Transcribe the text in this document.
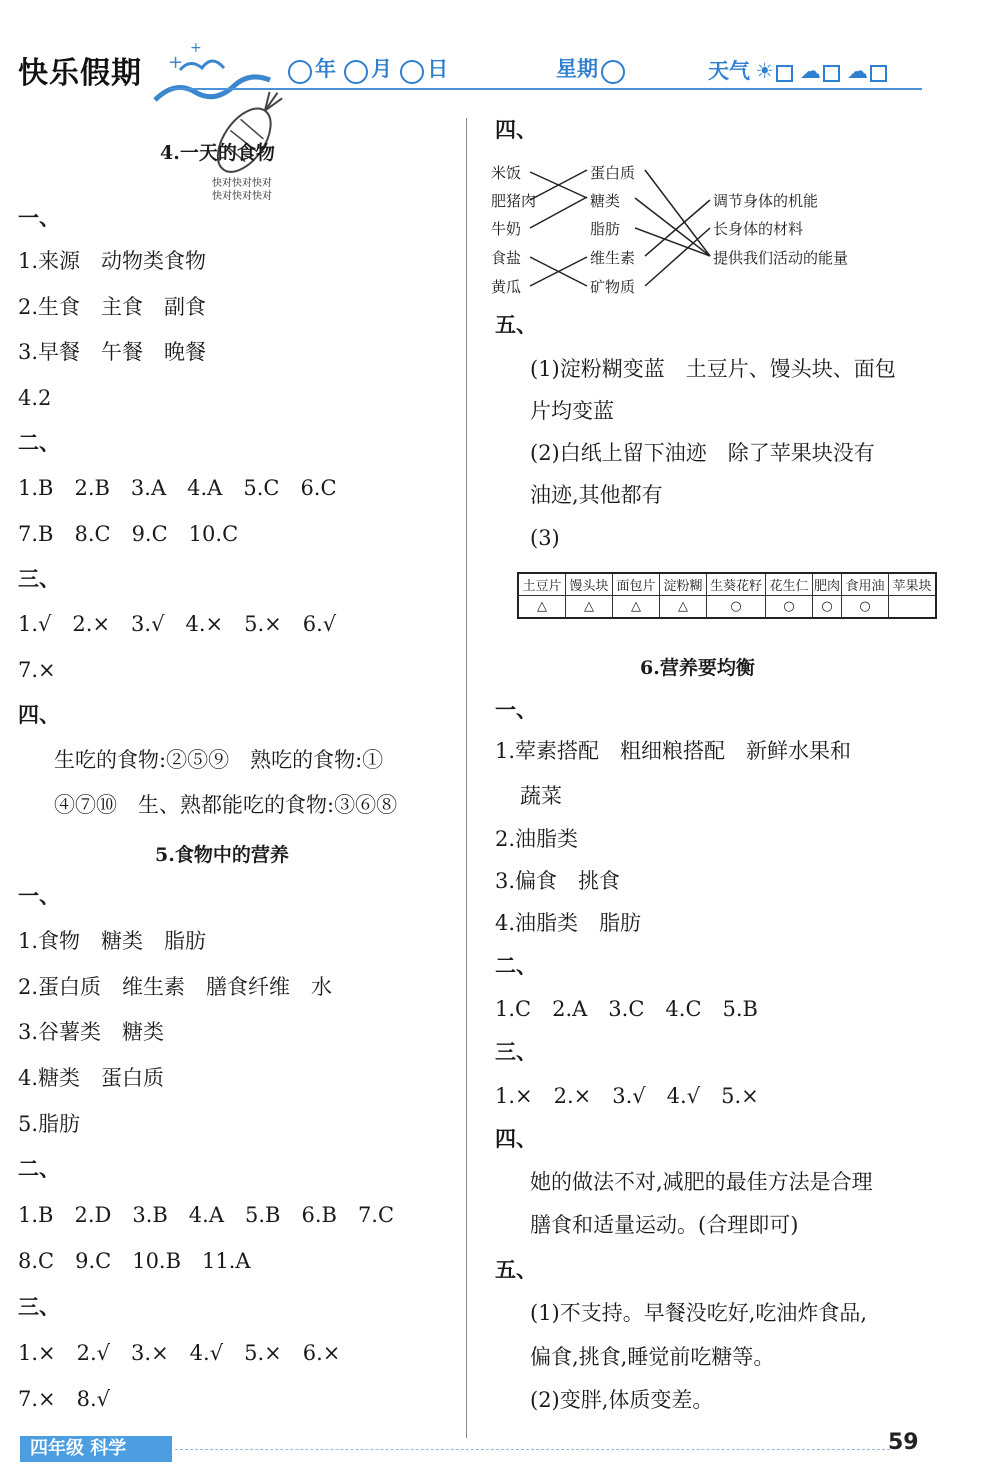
快乐假期 +
+
年 月 日	星期	天气 ☀ ☁ ☁
4.一天的食物
快对快对快对
快对快对快对
一、
1.来源　动物类食物
2.生食　主食　副食
3.早餐　午餐　晚餐
4.2
二、
1.B　2.B　3.A　4.A　5.C　6.C
7.B　8.C　9.C　10.C
三、
1.√　2.×　3.√　4.×　5.×　6.√
7.×
四、
生吃的食物:②⑤⑨　熟吃的食物:①
④⑦⑩　生、熟都能吃的食物:③⑥⑧
5.食物中的营养
一、
1.食物　糖类　脂肪
2.蛋白质　维生素　膳食纤维　水
3.谷薯类　糖类
4.糖类　蛋白质
5.脂肪
二、
1.B　2.D　3.B　4.A　5.B　6.B　7.C
8.C　9.C　10.B　11.A
三、
1.×　2.√　3.×　4.√　5.×　6.×
7.×　8.√
四、
米饭
肥猪肉
牛奶
食盐
黄瓜
蛋白质
糖类
脂肪
维生素
矿物质
调节身体的机能
长身体的材料
提供我们活动的能量
五、
(1)淀粉糊变蓝　土豆片、馒头块、面包
片均变蓝
(2)白纸上留下油迹　除了苹果块没有
油迹,其他都有
(3)
土豆片	馒头块	面包片	淀粉糊	生葵花籽	花生仁	肥肉	食用油	苹果块
△	△	△	△	○	○	○	○	
6.营养要均衡
一、
1.荤素搭配　粗细粮搭配　新鲜水果和
蔬菜
2.油脂类
3.偏食　挑食
4.油脂类　脂肪
二、
1.C　2.A　3.C　4.C　5.B
三、
1.×　2.×　3.√　4.√　5.×
四、
她的做法不对,减肥的最佳方法是合理
膳食和适量运动。(合理即可)
五、
(1)不支持。早餐没吃好,吃油炸食品,
偏食,挑食,睡觉前吃糖等。
(2)变胖,体质变差。
四年级 科学	59
